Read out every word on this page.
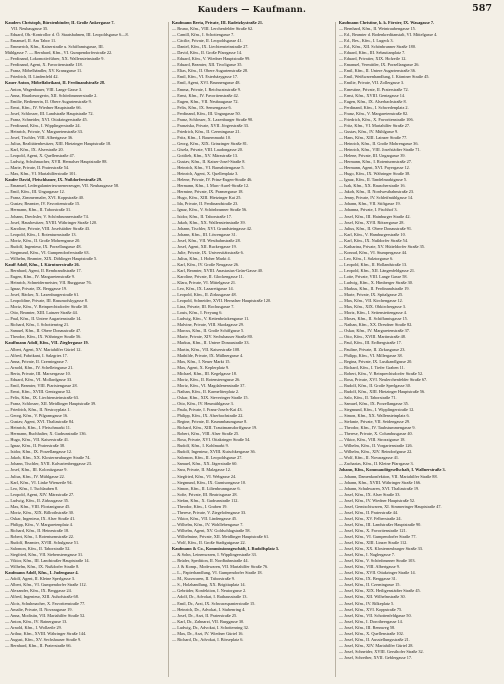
Kauders — Kaufmann.	587
Kauders Christoph, Bürstenbinder, II. Große Ankergasse 7.
VII. Neubaugasse 35.
— Eduard, Ob.-Kontrollor d. Ö. Staatsbahnen, III. Leopoldsgasse 6—8.
— Emanuel, II. Am Tabor 11.
— Emmerich, Kfm., Kaiserstraße u. Schiffamtsgasse, III.
Mühlgasse 7. — Bernhard, Kfm., VI. Gumpendorferstraße 22.
— Ferdinand, Lokomotivführer, XX. Wallensteinstraße 9.
— Ferdinand, Agent, X. Favoritenstraße 118.
— Franz, Möbelhändler, XV. Kranzgasse 11.
— Friedrich, II. Lindenfeld 42.
Kauer Anton, Möbelfabrikant, II. Ferdinandstraße 28.
— Anton, Wagenbauer, VIII. Lange Gasse 3.
— Anna, Hausbesorgerin, XII. Schönbrunnerstraße 2.
— Emilie, Bedienerin, II. Obere Augartenstraße 9.
— Ernst, Kfm., IV. Wiedner Hauptstraße 66.
— Josef, Schlosser, III. Landstraße Hauptstraße 72.
— Franz, Schneider, XVI. Ottakringerstraße 45.
— Ferdinand, Kfm., I. Wipplingerstraße 24.
— Heinrich, Private, V. Margaretenstraße 33.
— Josef, Tischler, VIII. Albertgasse 36.
— Julius, Realitätenbesitzer, XIII. Hietzinger Hauptstraße 18.
— Karl, Kfm., IX. Alserstraße 20.
— Leopold, Agent, X. Quellenstraße 47.
— Ludwig, Schuhmacher, XVII. Hernalser Hauptstraße 88.
— Marie, Private, II. Praterstraße 54.
— Max, Kfm., VI. Mariahilferstraße 101.
Kaufer David, Fleischhauer, IX. Nußdorferstraße 29.
— Emanuel, Ledergalanteriewarenerzeuger, VII. Neubaugasse 58.
— Emil, Kfm., III. Ungargasse 12.
— Franz, Zimmermaler, XVI. Koppstraße 40.
— Gustav, Beamter, IV. Favoritenstraße 15.
— Hermann, Kfm., II. Taborstraße 31.
— Johann, Drechsler, V. Schönbrunnerstraße 74.
— Josef, Hausbesitzer, XVIII. Währinger Straße 120.
— Karoline, Private, VIII. Josefstädter Straße 43.
— Leopold, Kfm., I. Rotenturmstraße 13.
— Moriz, Kfm., II. Große Mohrengasse 20.
— Rudolf, Ingenieur, IX. Porzellangasse 48.
— Siegmund, Kfm., VI. Gumpendorferstraße 63.
— Wilhelm, Beamter, XIX. Döblinger Hauptstraße 5.
Kauff Adolf, Kfm., I. Kärntnerstraße 26.
— Bernhard, Agent, II. Rembrandtstraße 17.
— Eugen, Kfm., IV. Margaretenstraße 9.
— Heinrich, Schneidermeister, VII. Burggasse 76.
— Ignaz, Private, IX. Berggasse 19.
— Josef, Bäcker, X. Laxenburgerstraße 61.
— Leopoldine, Private, III. Rasumofskygasse 8.
— Moriz, Kfm., V. Reinprechtsdorfer Straße 30.
— Otto, Beamter, XIII. Lainzer Straße 44.
— Paul, Kfm., II. Untere Augartenstraße 14.
— Richard, Kfm., I. Schottenring 21.
— Samuel, Kfm., II. Obere Donaustraße 47.
— Theodor, Kfm., IX. Währinger Straße 56.
Kauffmann Adolf, Kfm., VII. Zieglergasse 19.
— Albert, Agent, XV. Mariahilfer Gürtel 12.
— Alfred, Fabrikant, I. Salzgries 17.
— Anna, Private, II. Czerningasse 7.
— Arnold, Kfm., IV. Schelleingasse 21.
— Berta, Private, III. Marxergasse 10.
— Eduard, Kfm., VI. Mollardgasse 33.
— Emil, Beamter, VIII. Piaristengasse 28.
— Ernst, Kfm., XVIII. Gentzgasse 52.
— Felix, Kfm., IX. Liechtensteinstraße 63.
— Franz, Schlosser, XII. Meidlinger Hauptstraße 39.
— Friedrich, Kfm., II. Nestroyplatz 1.
— Georg, Kfm., V. Pilgramgasse 16.
— Gustav, Agent, XVI. Thaliastraße 84.
— Heinrich, Kfm., I. Fleischmarkt 11.
— Hermann, Buchhalter, X. Gudrunstraße 136.
— Hugo, Kfm., VII. Kaiserstraße 41.
— Ignaz, Kfm., II. Praterstraße 38.
— Isidor, Kfm., IX. Porzellangasse 12.
— Jakob, Kfm., XX. Klosterneuburger Straße 74.
— Johann, Tischler, XVII. Kalvarienberggasse 23.
— Josef, Kfm., III. Kolonitzgasse 9.
— Julius, Kfm., IV. Mühlgasse 22.
— Karl, Kfm., VI. Linke Wienzeile 94.
— Leo, Kfm., I. Tuchlauben 8.
— Leopold, Agent, XIV. Märzstraße 27.
— Ludwig, Kfm., II. Zirkusgasse 35.
— Max, Kfm., VIII. Florianigasse 45.
— Moriz, Kfm., XIX. Billrothstraße 30.
— Oskar, Ingenieur, IX. Alser Straße 41.
— Philipp, Kfm., V. Margaretenplatz 4.
— Richard, Kfm., II. Heinestraße 18.
— Robert, Kfm., I. Rotenturmstraße 22.
— Rudolf, Beamter, XVIII. Schulgasse 51.
— Salomon, Kfm., II. Taborstraße 52.
— Siegfried, Kfm., VII. Siebensterngasse 31.
— Viktor, Kfm., III. Landstraßer Hauptstraße 14.
— Wilhelm, Kfm., IX. Nußdorfer Straße 8.
Kaufmann Adolf, Kfm., I. Judengasse 4.
— Adolf, Agent, II. Kleine Sperlgasse 3.
— Albert, Kfm., VI. Gumpendorfer Straße 112.
— Alexander, Kfm., IX. Berggasse 24.
— Alfred, Ingenieur, XIII. Auhofstraße 68.
— Alois, Schuhmacher, X. Favoritenstraße 77.
— Amalie, Private, II. Novaragasse 19.
— Anna, Modistin, VII. Mariahilfer Straße 52.
— Anton, Kfm., IV. Rainergasse 13.
— Arnold, Kfm., I. Wollzeile 29.
— Arthur, Kfm., XVIII. Währinger Straße 144.
— August, Kfm., XV. Sechshauser Straße 9.
— Bernhard, Kfm., II. Praterstraße 66.
Kaufmann Berta, Private, III. Radetzkystraße 21.
— Bruno, Kfm., VIII. Lerchenfelder Straße 62.
— Camill, Kfm., I. Schottengasse 7.
— Cäcilie, Private, II. Leopoldsgasse 41.
— Daniel, Kfm., IX. Liechtensteinstraße 27.
— David, Kfm., II. Große Pfarrgasse 14.
— Eduard, Kfm., V. Wiedner Hauptstraße 99.
— Eduard, Beamter, XII. Tivoligasse 35.
— Elias, Kfm., II. Obere Augartenstraße 28.
— Emil, Kfm., VI. Esterházygasse 17.
— Emil, Agent, XVI. Brunnengasse 48.
— Emma, Private, I. Reichsratsstraße 9.
— Ernst, Kfm., IV. Favoritenstraße 42.
— Eugen, Kfm., VII. Neubaugasse 72.
— Felix, Kfm., IX. Sensengasse 6.
— Ferdinand, Kfm., III. Ungargasse 50.
— Franz, Schlosser, X. Laxenburger Straße 90.
— Franziska, Private, XVII. Jörgerstraße 33.
— Friedrich, Kfm., II. Czerningasse 21.
— Fritz, Kfm., I. Bauernmarkt 10.
— Georg, Kfm., XIX. Grinzinger Straße 81.
— Gisela, Private, VIII. Laudongasse 20.
— Gottlieb, Kfm., XV. Märzstraße 13.
— Gustav, Kfm., II. Kaiser-Josef-Straße 8.
— Heinrich, Kfm., VI. Barnabitengasse 5.
— Heinrich, Agent, X. Quellenplatz 3.
— Helene, Private, IV. Prinz-Eugen-Straße 46.
— Hermann, Kfm., I. Marc-Aurel-Straße 12.
— Hermine, Private, IX. Pramergasse 18.
— Hugo, Kfm., XIII. Hietzinger Kai 25.
— Ida, Private, II. Ferdinandstraße 23.
— Ignaz, Kfm., V. Schönbrunner Straße 56.
— Isidor, Kfm., II. Taborstraße 17.
— Jakob, Kfm., XX. Wallensteinstraße 39.
— Johann, Tischler, XVI. Grundsteingasse 42.
— Johann, Kfm., III. Löwengasse 31.
— Josef, Kfm., VII. Westbahnstraße 28.
— Josef, Agent, XII. Ruckergasse 19.
— Julie, Private, IX. Universitätsstraße 6.
— Julius, Kfm., I. Hoher Markt 4.
— Karl, Kfm., IV. Große Neugasse 26.
— Karl, Beamter, XVIII. Anastasius-Grün-Gasse 40.
— Karoline, Private, II. Glockengasse 11.
— Klara, Private, VI. Mittelgasse 21.
— Leo, Kfm., IX. Lazarettgasse 14.
— Leopold, Kfm., II. Zirkusgasse 48.
— Leopold, Schneider, XVII. Hernalser Hauptstraße 120.
— Lina, Private, III. Rochusgasse 7.
— Louis, Kfm., I. Freyung 6.
— Ludwig, Kfm., V. Kettenbrückengasse 11.
— Malvine, Private, VIII. Skodagasse 29.
— Marcus, Kfm., II. Große Schiffgasse 5.
— Marie, Private, XIV. Sechshauser Straße 80.
— Markus, Kfm., II. Untere Donaustraße 33.
— Martin, Kfm., VII. Kaiserstraße 108.
— Mathilde, Private, IX. Müllnergasse 4.
— Max, Kfm., I. Neuer Markt 15.
— Max, Agent, X. Keplerplatz 9.
— Michael, Kfm., III. Kegelgasse 18.
— Moriz, Kfm., II. Rotensterngasse 26.
— Moriz, Kfm., VI. Magdalenenstraße 37.
— Nathan, Kfm., II. Karmeliterplatz 2.
— Oskar, Kfm., XIX. Sieveringer Straße 15.
— Otto, Kfm., IV. Heumühlgasse 3.
— Paula, Private, I. Franz-Josefs-Kai 43.
— Philipp, Kfm., IX. Alserbachstraße 22.
— Regine, Private, II. Krummbaumgasse 8.
— Richard, Kfm., XIII. Trauttmansdorffgasse 19.
— Robert, Kfm., VIII. Alser Straße 25.
— Rosa, Private, XVI. Ottakringer Straße 54.
— Rudolf, Kfm., I. Kohlmarkt 9.
— Rudolf, Ingenieur, XVIII. Kutschkergasse 36.
— Salomon, Kfm., II. Leopoldsgasse 27.
— Samuel, Kfm., XX. Jägerstraße 60.
— Sara, Private, II. Malzgasse 12.
— Siegfried, Kfm., VI. Webgasse 24.
— Siegmund, Kfm., IX. Garnisongasse 10.
— Simon, Kfm., II. Lilienbrunngasse 6.
— Sofie, Private, III. Beatrixgasse 28.
— Stefan, Kfm., X. Gudrunstraße 112.
— Theodor, Kfm., I. Graben 19.
— Therese, Private, V. Ziegelofengasse 33.
— Viktor, Kfm., VII. Lindengasse 45.
— Wilhelm, Kfm., IV. Wohllebengasse 7.
— Wilhelm, Agent, XV. Goldschlagstraße 58.
— Wilhelmine, Private, XII. Meidlinger Hauptstraße 61.
— Wolf, Kfm., II. Große Stadtgutgasse 22.
Kaufmann & Co., Kommissionsgeschäft, I. Rudolfsplatz 5.
— & Sohn, Leinenwaren, I. Wipplingerstraße 33.
— Brüder, Spedition, II. Nordbahnstraße 44.
— J. & Komp., Modewaren, VII. Mariahilfer Straße 76.
— L., Papierhandlung, VI. Gumpendorfer Straße 18.
— M., Kurzwaren, II. Taborstraße 9.
— S., Holzhandlung, XX. Brigittaplatz 14.
— Gebrüder, Konfektion, I. Neutorgasse 2.
— Adolf, Dr., Advokat, I. Rathausstraße 13.
— Emil, Dr., Arzt, IX. Schwarzspanierstraße 15.
— Heinrich, Dr., Advokat, I. Stubenring 4.
— Josef, Dr., Arzt, II. Praterstraße 25.
— Karl, Dr., Zahnarzt, VII. Burggasse 30.
— Ludwig, Dr., Advokat, I. Schottenring 32.
— Max, Dr., Arzt, IV. Wiedner Gürtel 16.
— Richard, Dr., Advokat, I. Börseplatz 6.
Kaufmann Christine, k. k. Förster, IX. Wasagasse 7.
— Bernhard, Kfm., II. Weintraubengasse 15.
— Ed., Beamter d. Bodenkreditanstalt, VI. Mittelgasse 4.
— Ed., Bes., Kfm., I. Lugeck 3.
— Ed., Kfm., XII. Schönbrunner Straße 180.
— Eduard, Kfm., III. Sebastianplatz 7.
— Eduard, Privatier, XIX. Hofzeile 12.
— Emanuel, Vermittler, IX. Porzellangasse 26.
— Emil, Kfm., II. Untere Augartenstraße 36.
— Emil, Weißwarenhandlung, I. Kärntner Straße 45.
— Emilie, Private, VII. Zollergasse 3.
— Ernestine, Private, II. Praterstraße 72.
— Ernst, Kfm., XVIII. Gentzgasse 14.
— Eugen, Kfm., IX. Alserbachstraße 8.
— Ferdinand, Kfm., I. Schwedenplatz 2.
— Franz, Kfm., V. Margaretenstraße 82.
— Friedrich, Kfm., X. Favoritenstraße 106.
— Fritz, Kfm., VI. Mariahilfer Straße 27.
— Gustav, Kfm., IV. Mühlgasse 9.
— Hans, Kfm., XIII. Lainzer Straße 77.
— Heinrich, Kfm., II. Große Mohrengasse 36.
— Heinrich, Kfm., VIII. Josefstädter Straße 71.
— Helene, Private, III. Ungargasse 39.
— Hermann, Kfm., I. Rotenturmstraße 27.
— Hermann, Agent, XVI. Payergasse 12.
— Hugo, Kfm., IX. Währinger Straße 38.
— Ignaz, Kfm., II. Tandelmarktgasse 5.
— Isak, Kfm., XX. Rauscherstraße 16.
— Jakob, Kfm., II. Nordwestbahnstraße 23.
— Jenny, Private, IV. Schleifmühlgasse 14.
— Johann, Kfm., VII. Stiftgasse 19.
— Johanna, Private, I. Fischhof 3.
— Josef, Kfm., III. Hainburger Straße 42.
— Josef, Kfm., XVII. Rötzergasse 28.
— Julius, Kfm., II. Obere Donaustraße 91.
— Karl, Kfm., V. Hamburgerstraße 10.
— Karl, Kfm., IX. Nußdorfer Straße 54.
— Katharina, Private, XV. Hütteldorfer Straße 35.
— Konrad, Kfm., VI. Stumpergasse 44.
— Leo, Kfm., I. Salztorgasse 6.
— Leopold, Kfm., II. Hollandstraße 13.
— Leopold, Kfm., XII. Längenfeldgasse 21.
— Lotte, Private, VIII. Lange Gasse 58.
— Ludwig, Kfm., X. Himberger Straße 30.
— Markus, Kfm., II. Ferdinandstraße 19.
— Marie, Private, IX. Spitalgasse 25.
— Max, Kfm., VII. Kirchengasse 12.
— Max, Kfm., XIX. Obkirchergasse 3.
— Moriz, Kfm., I. Seitenstettengasse 4.
— Moses, Kfm., II. Schiffamtsgasse 15.
— Nathan, Kfm., XX. Dresdner Straße 82.
— Oskar, Kfm., IV. Margaretenstraße 37.
— Otto, Kfm., XVIII. Martinstraße 48.
— Paul, Kfm., III. Erdbergstraße 17.
— Pauline, Private, II. Zirkusgasse 23.
— Philipp, Kfm., VI. Millergasse 38.
— Regina, Private, IX. Lustkandlgasse 20.
— Richard, Kfm., I. Tiefer Graben 11.
— Robert, Kfm., V. Reinprechtsdorfer Straße 52.
— Rosa, Private, XVI. Neulerchenfelder Straße 67.
— Rudolf, Kfm., II. Große Sperlgasse 30.
— Rudolf, Kfm., XIII. Hietzinger Hauptstraße 56.
— Salo, Kfm., II. Taborstraße 71.
— Samuel, Kfm., IX. Porzellangasse 35.
— Siegmund, Kfm., I. Wipplingerstraße 12.
— Simon, Kfm., XX. Wallensteinplatz 6.
— Stefanie, Private, VII. Seidengasse 29.
— Theodor, Kfm., IV. Taubstummengasse 9.
— Therese, Private, X. Columbusgasse 40.
— Viktor, Kfm., VIII. Strozzigasse 18.
— Wilhelm, Kfm., II. Vorgartenstraße 126.
— Wilhelm, Kfm., XIV. Reindorfgasse 22.
— Wolf, Kfm., II. Novaragasse 41.
— Zacharias, Kfm., II. Kleine Pfarrgasse 3.
Johann, Kfm., Kommanditgesellschaft, I. Wallnerstraße 3.
— Johann, Damenkonfektion, VII. Mariahilfer Straße 88.
— Johann, Kfm., XVIII. Währinger Straße 166.
— Johann, Schuhwaren, XVI. Thaliastraße 19.
— Josef, Kfm., IX. Alser Straße 33.
— Josef, Kfm., IV. Wiedner Hauptstraße 52.
— Josef, Gemischtwaren, XI. Simmeringer Hauptstraße 47.
— Josef, Kfm., II. Praterstraße 44.
— Josef, Kfm., XV. Felberstraße 24.
— Josef, Kfm., III. Landstraßer Hauptstraße 90.
— Josef, Kfm., X. Favoritenstraße 121.
— Josef, Kfm., VI. Gumpendorfer Straße 77.
— Josef, Kfm., XIII. Linzer Straße 112.
— Josef, Kfm., XX. Klosterneuburger Straße 33.
— Josef, Kfm., I. Naglergasse 7.
— Josef, Kfm., V. Schönbrunner Straße 103.
— Josef, Kfm., VIII. Albertgasse 9.
— Josef, Kfm., XVII. Ottakringer Straße 14.
— Josef, Kfm., IX. Berggasse 31.
— Josef, Kfm., II. Czerningasse 15.
— Josef, Kfm., XIX. Heiligenstädter Straße 45.
— Josef, Kfm., XII. Wilhelmstraße 30.
— Josef, Kfm., IV. Rilkeplatz 5.
— Josef, Kfm., XVI. Koppstraße 75.
— Josef, Kfm., VII. Schottenfeldgasse 50.
— Josef, Kfm., I. Dorotheergasse 14.
— Josef, Kfm., III. Rennweg 58.
— Josef, Kfm., X. Quellenstraße 102.
— Josef, Kfm., II. Ausstellungsstraße 21.
— Josef, Kfm., XIV. Mariahilfer Gürtel 28.
— Josef, Schneider, XVIII. Gersthofer Straße 32.
— Josef, Schreiber, XVII. Geblergasse 17.
